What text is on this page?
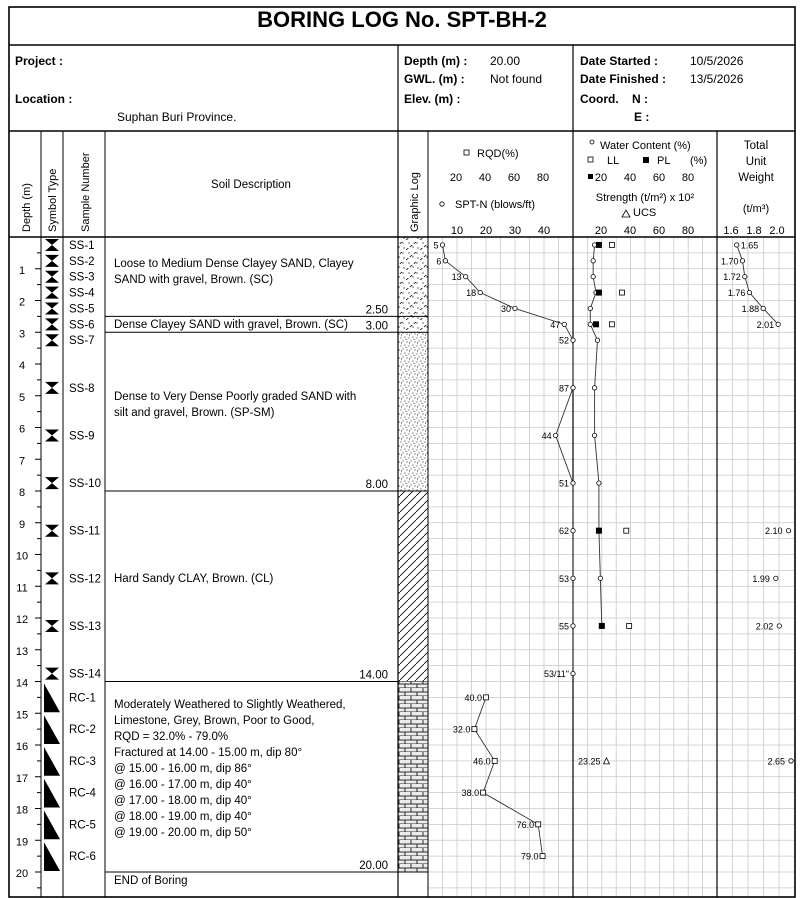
2.50
3.00
8.00
14.00
20.00
Depth (m) Symbol Type Sample Number	Soil Description	Graphic Log
RQD(%)
20 40 60 80
SPT-N (blows/ft)
10 20 30 40
Water Content (%)
LL	PL (%)
20 40 60 80
Strength (t/m²) x 10²
UCS
20 40 60 80
Total
Unit
Weight
(t/m³)
1.6 1.8 2.0
1
2
3
4
5
6
7
8
9
10
11
12
13
14
15
16
17
18
19
20
SS-1
SS-2
SS-3
SS-4
SS-5
SS-6
SS-7
SS-8
SS-9
SS-10
SS-11
SS-12
SS-13
SS-14
RC-1
RC-2
RC-3
RC-4
RC-5
RC-6
5
6
13
18
30
47
52
87
44
51
62
53
55
53/11"
40.0
32.0
46.0
38.0
76.0
79.0
23.25
1.65
1.70
1.72
1.76
1.88
2.01
2.10
1.99
2.02
2.65
BORING LOG No. SPT-BH-2
Project :
Location :
Suphan Buri Province.
Depth (m) : 20.00
GWL. (m) : Not found
Elev. (m) :
Date Started :	10/5/2026
Date Finished : 13/5/2026
Coord. N :
E :
Loose to Medium Dense Clayey SAND, Clayey
SAND with gravel, Brown. (SC)
Dense Clayey SAND with gravel, Brown. (SC)
Dense to Very Dense Poorly graded SAND with
silt and gravel, Brown. (SP-SM)
Hard Sandy CLAY, Brown. (CL)
Moderately Weathered to Slightly Weathered,
Limestone, Grey, Brown, Poor to Good,
RQD = 32.0% - 79.0%
Fractured at 14.00 - 15.00 m, dip 80°
@ 15.00 - 16.00 m, dip 86°
@ 16.00 - 17.00 m, dip 40°
@ 17.00 - 18.00 m, dip 40°
@ 18.00 - 19.00 m, dip 40°
@ 19.00 - 20.00 m, dip 50°
END of Boring
